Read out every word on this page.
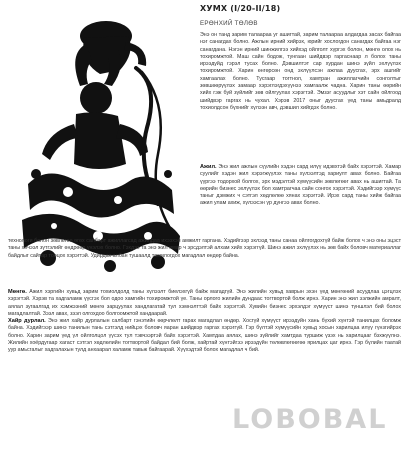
ХУМХ (I/20-II/18)
ЕРӨНХИЙ ТӨЛӨВ

Энэ он танд зарим талаараа уг ашигтай, зарим талаараа алдагдаа засах байгаа нэг санагдах болно. Ажлын ирний хийрэх, юрийг хослогдон санагдах байгаа нэг санагдана. Нэгэн ирний шинжилгээ хийхэд ойлголт хүргэх болон, мөнгө олох нь тохиромжтой. Маш сайн бодож, тунгаан шийдвэр гаргаснаар л болох таны ирээдүйд гэрэл тусах болно. Дэвшилтэт сар хурдан шинэ зүйл эхлүүлэх тохиромжтой. Харин өнгөрсөн онд эхлүүлсэн ажлаа дуусгах, эрх ашгийг хамгаалах болно. Тусгаар тогтнол, хамтран ажиллагчийн сонголтыг зөвшөөрүүлэх замаар хэрэглэгдэхүүнээ хамгаалж чадна. Харин таны өөрийн хийх гэж буй зүйлийг зөв ойлгуулах хэрэгтэй. Эмзэг асуудлыг хэт сайн ойлгоод шийдвэр гаргах нь чухал. Хэрэв 2017 оныг дуусгах үед таны амьдралд тохиолдсон бүхнийг хүлээн авч, дэвшил хийгдэх болно.

Ажил. Энэ жил ажлын сүүлийн хэдэн сард илүү идэвхтэй байх хэрэгтэй. Хамар суулийг хэдэн жил хэрэгжүүлэх таны хүлээлтэд хариулт авах болно. Байгаа үүргээ тодорхой болгох, эрх мэдэлтэй хүмүүсийн зөвлөгөөг авах нь ашигтай. Та өөрийн бизнес эхлүүлэх бол хамтрагчаа сайн сонгох хэрэгтэй. Хэдийгээр хүмүүс таныг дэмжих ч сэтгэл хөдлөлөө хянах хэрэгтэй. Ирэх сард таны хийж байгаа ажил улам ахиж, хүлээсэн үр дүнгээ авах болно.

технологи болон зөвлөгөө өгөх салбарт ажиллагсад ажилдаа ихээхэн амжилт гаргана. Хэдийгээр эхлээд таны санаа ойлгогдохгүй байж болох ч энэ оны эцэст таны хичээл зүтгэлийг өндрөөр үнэлэх болно. Гэхдээ та энэ жил ямар ч эрсдэлтэй алхам хийх хэрэггүй. Шинэ ажил эхлүүлэх нь зөв байх боловч материаллаг байдлыг сайтар тооцох хэрэгтэй. Удирдах албан тушаалд томилогдох магадлал өндөр байна.

Мөнгө. Ажил хэргийн хувьд зарим тохиолдолд таны хүлээлт биелэхгүй байж магадгүй. Энэ жилийн хувьд хаврын эхэн үед мөнгөний асуудлаа цэгцлэх хэрэгтэй. Хэрэв та хадгаламж үүсгэх бол одоо хамгийн тохиромжтой үе. Таны орлого жилийн дундаас тогтвортой болж ирнэ. Харин энэ жил ээлжийн амралт, аялал зугаалгад их хэмжээний мөнгө зарцуулах хандлагатай тул хэмнэлттэй байх хэрэгтэй. Хувийн бизнес эрхэлдэг хүмүүст шинэ түншлэл бий болох магадлалтай. Зээл авах, зээл олгохдоо болгоомжтой хандаарай.
Хайр дурлал. Энэ жил хайр дурлалын салбарт гэнэтийн өөрчлөлт гарах магадлал өндөр. Хосгүй хүмүүст ирээдүйн хань бүхий хүнтэй танилцах боломж байна. Хэдийгээр шинэ танилын тань сэтгэлд нийцэх боловч яаран шийдвэр гаргах хэрэггүй. Гэр бүлтэй хүмүүсийн хувьд хосын харилцаа илүү гүнзгийрэх болно. Харин зарим үед үл ойлголцол үүсэх тул тэвчээртэй байх хэрэгтэй. Хамтдаа аялах, шинэ зүйлийг хамтдаа туршиж үзэх нь харилцааг бэхжүүлнэ. Жилийн хоёрдугаар хагаст сэтгэл хөдлөлийн тогтвортой байдал бий болж, хайртай хүнтэйгээ ирээдүйн төлөвлөгөөгөө ярилцах цаг ирнэ. Гэр бүлийн таатай уур амьсгалыг хадгалахын тулд анхаарал халамж тавьж байгаарай. Хүүхэдтэй болох магадлал ч бий.

LOBOBAL
